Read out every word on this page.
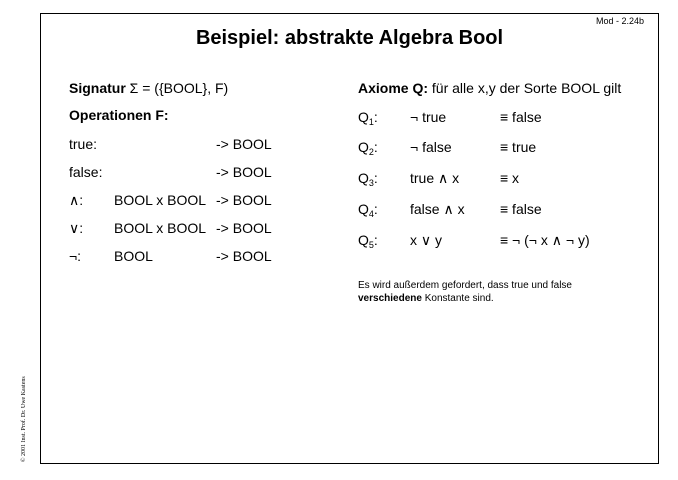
Mod - 2.24b
Beispiel: abstrakte Algebra Bool
© 2001 Inst. Prof. Dr. Uwe Kastens
Signatur Σ = ({BOOL}, F)
Operationen F:
true:	-> BOOL
false:	-> BOOL
∧: BOOL x BOOL -> BOOL
∨: BOOL x BOOL -> BOOL
¬: BOOL	-> BOOL
Axiome Q: für alle x,y der Sorte BOOL gilt
$Q_1$: ¬ true	≡ false
$Q_2$: ¬ false	≡ true
$Q_3$: true ∧ x	≡ x
$Q_4$: false ∧ x	≡ false
$Q_5$: x ∨ y	≡ ¬ (¬ x ∧ ¬ y)
Es wird außerdem gefordert, dass true und false
verschiedene Konstante sind.
